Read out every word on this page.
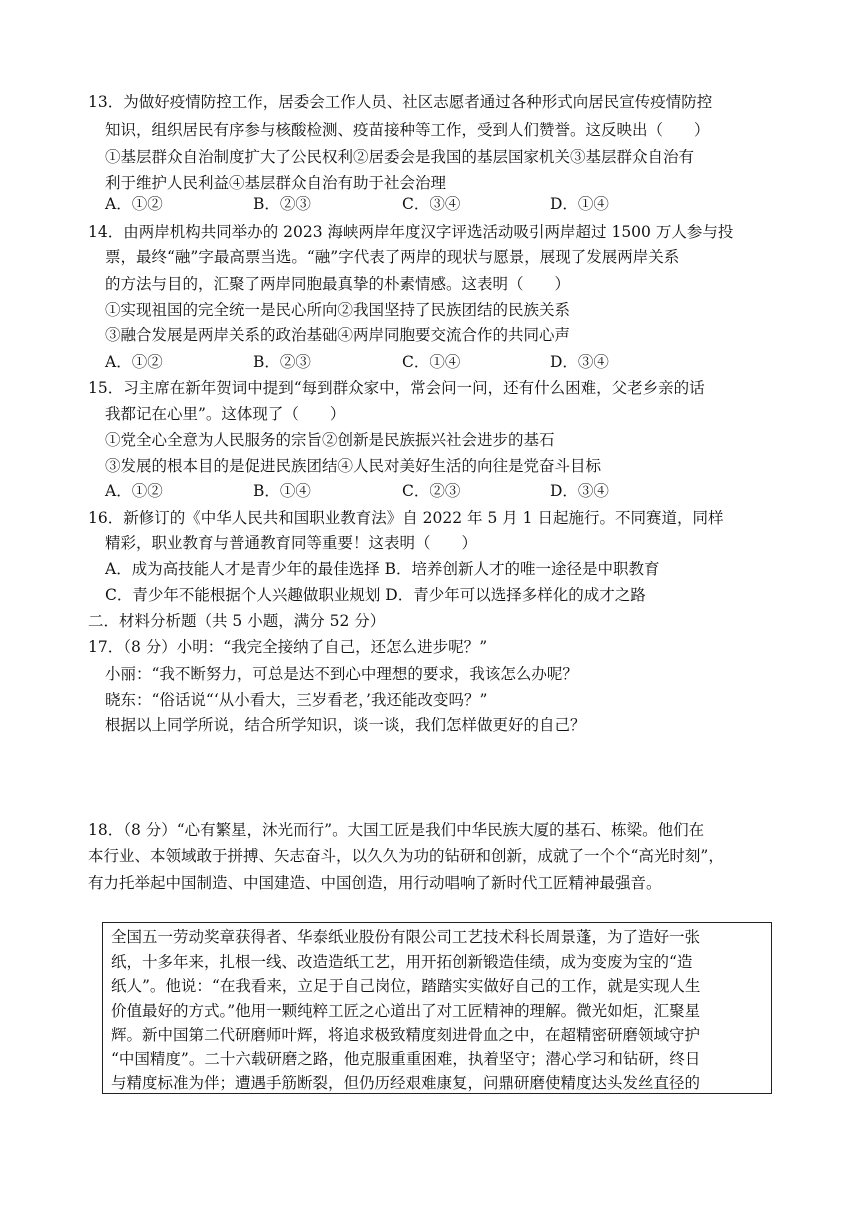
13．为做好疫情防控工作，居委会工作人员、社区志愿者通过各种形式向居民宣传疫情防控
知识，组织居民有序参与核酸检测、疫苗接种等工作，受到人们赞誉。这反映出（　　）
①基层群众自治制度扩大了公民权利②居委会是我国的基层国家机关③基层群众自治有
利于维护人民利益④基层群众自治有助于社会治理
A．①②	B．②③	C．③④	D．①④
14．由两岸机构共同举办的 2023 海峡两岸年度汉字评选活动吸引两岸超过 1500 万人参与投
票，最终“融”字最高票当选。“融”字代表了两岸的现状与愿景，展现了发展两岸关系
的方法与目的，汇聚了两岸同胞最真挚的朴素情感。这表明（　　）
①实现祖国的完全统一是民心所向②我国坚持了民族团结的民族关系
③融合发展是两岸关系的政治基础④两岸同胞要交流合作的共同心声
A．①②	B．②③	C．①④	D．③④
15．习主席在新年贺词中提到“每到群众家中，常会问一问，还有什么困难，父老乡亲的话
我都记在心里”。这体现了（　　）
①党全心全意为人民服务的宗旨②创新是民族振兴社会进步的基石
③发展的根本目的是促进民族团结④人民对美好生活的向往是党奋斗目标
A．①②	B．①④	C．②③	D．③④
16．新修订的《中华人民共和国职业教育法》自 2022 年 5 月 1 日起施行。不同赛道，同样
精彩，职业教育与普通教育同等重要！这表明（　　）
A．成为高技能人才是青少年的最佳选择 B．培养创新人才的唯一途径是中职教育
C．青少年不能根据个人兴趣做职业规划 D．青少年可以选择多样化的成才之路
二．材料分析题（共 5 小题，满分 52 分）
17．（8 分）小明：“我完全接纳了自己，还怎么进步呢？”
小丽：“我不断努力，可总是达不到心中理想的要求，我该怎么办呢？
晓东：“俗话说“‘从小看大，三岁看老，’我还能改变吗？”
根据以上同学所说，结合所学知识，谈一谈，我们怎样做更好的自己？
18．（8 分）“心有繁星，沐光而行”。大国工匠是我们中华民族大厦的基石、栋梁。他们在
本行业、本领域敢于拼搏、矢志奋斗，以久久为功的钻研和创新，成就了一个个“高光时刻”，
有力托举起中国制造、中国建造、中国创造，用行动唱响了新时代工匠精神最强音。
全国五一劳动奖章获得者、华泰纸业股份有限公司工艺技术科长周景蓬，为了造好一张
纸，十多年来，扎根一线、改造造纸工艺，用开拓创新锻造佳绩，成为变废为宝的“造
纸人”。他说：“在我看来，立足于自己岗位，踏踏实实做好自己的工作，就是实现人生
价值最好的方式。”他用一颗纯粹工匠之心道出了对工匠精神的理解。微光如炬，汇聚星
辉。新中国第二代研磨师叶辉，将追求极致精度刻进骨血之中，在超精密研磨领域守护
“中国精度”。二十六载研磨之路，他克服重重困难，执着坚守；潜心学习和钻研，终日
与精度标准为伴；遭遇手筋断裂，但仍历经艰难康复，问鼎研磨使精度达头发丝直径的
